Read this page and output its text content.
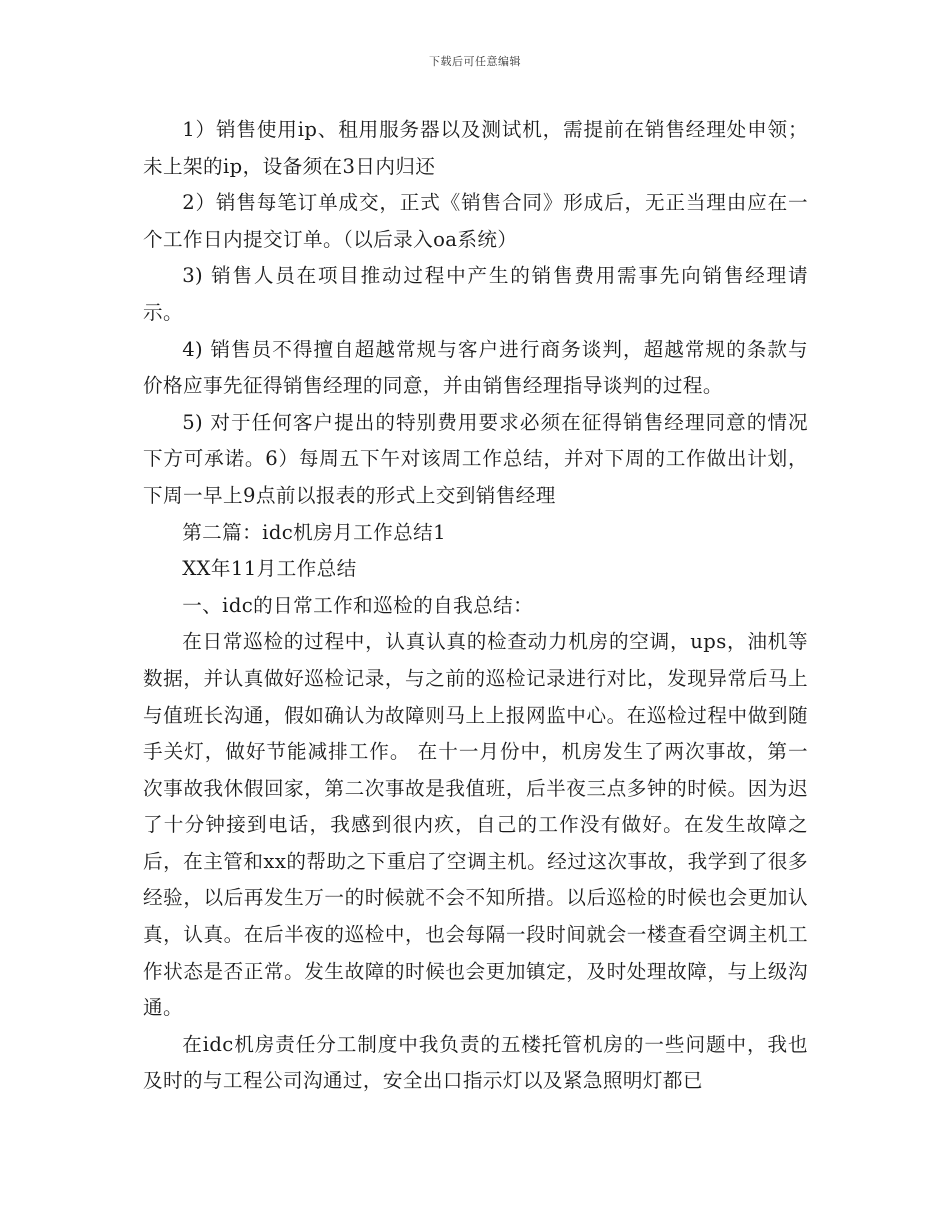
下载后可任意编辑

1）销售使用ip、租用服务器以及测试机，需提前在销售经理处申领；未上架的ip，设备须在3日内归还

2）销售每笔订单成交，正式《销售合同》形成后，无正当理由应在一个工作日内提交订单。（以后录入oa系统）

3) 销售人员在项目推动过程中产生的销售费用需事先向销售经理请示。

4) 销售员不得擅自超越常规与客户进行商务谈判，超越常规的条款与价格应事先征得销售经理的同意，并由销售经理指导谈判的过程。

5) 对于任何客户提出的特别费用要求必须在征得销售经理同意的情况下方可承诺。6）每周五下午对该周工作总结，并对下周的工作做出计划，下周一早上9点前以报表的形式上交到销售经理

第二篇：idc机房月工作总结1

XX年11月工作总结

一、idc的日常工作和巡检的自我总结：

在日常巡检的过程中，认真认真的检查动力机房的空调，ups，油机等数据，并认真做好巡检记录，与之前的巡检记录进行对比，发现异常后马上与值班长沟通，假如确认为故障则马上上报网监中心。在巡检过程中做到随手关灯，做好节能减排工作。 在十一月份中，机房发生了两次事故，第一次事故我休假回家，第二次事故是我值班，后半夜三点多钟的时候。因为迟了十分钟接到电话，我感到很内疚，自己的工作没有做好。在发生故障之后，在主管和xx的帮助之下重启了空调主机。经过这次事故，我学到了很多经验，以后再发生万一的时候就不会不知所措。以后巡检的时候也会更加认真，认真。在后半夜的巡检中，也会每隔一段时间就会一楼查看空调主机工作状态是否正常。发生故障的时候也会更加镇定，及时处理故障，与上级沟通。

在idc机房责任分工制度中我负责的五楼托管机房的一些问题中，我也及时的与工程公司沟通过，安全出口指示灯以及紧急照明灯都已
